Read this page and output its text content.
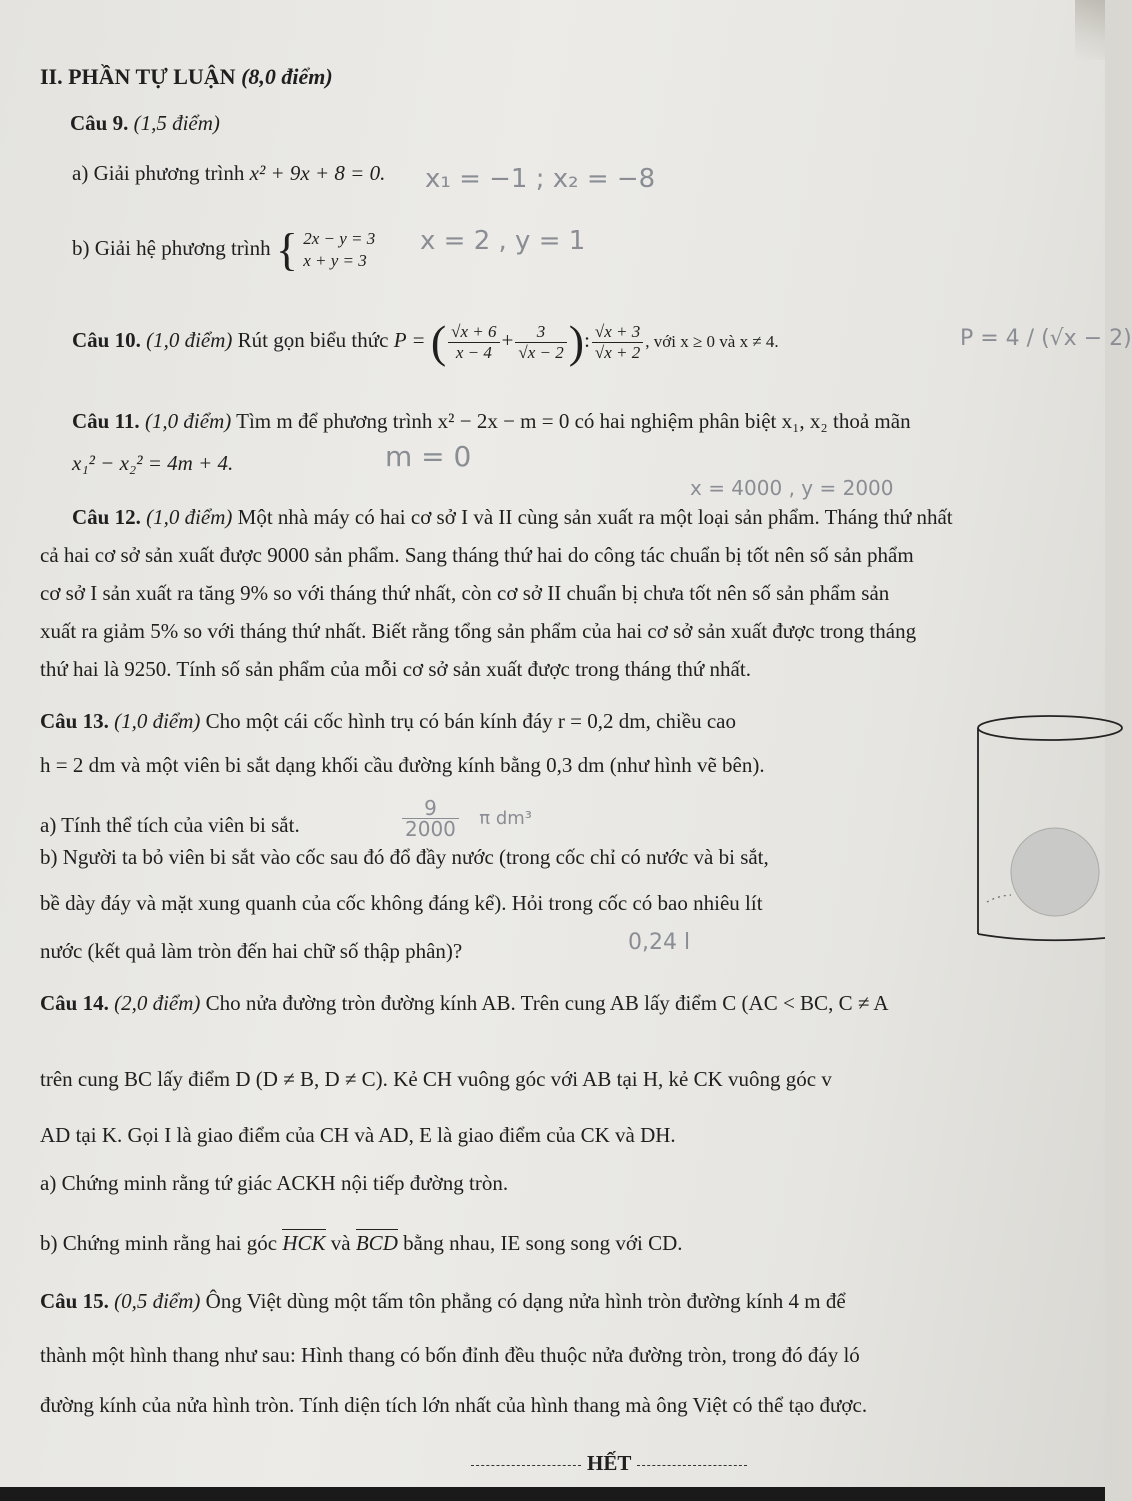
II. PHẦN TỰ LUẬN (8,0 điểm)
Câu 9. (1,5 điểm)
a) Giải phương trình x² + 9x + 8 = 0. x₁ = −1 ; x₂ = −8
b) Giải hệ phương trình { 2x − y = 3
x + y = 3
x = 2 , y = 1
Câu 10. (1,0 điểm) Rút gọn biểu thức P = ( $\frac{√x + 6}{x - 4} + \frac{3}{√x - 2}$ ): $\frac{√x + 3}{√x + 2}$ , với x ≥ 0 và x ≠ 4.	P = 4 / (√x − 2)
Câu 11. (1,0 điểm) Tìm m để phương trình x² − 2x − m = 0 có hai nghiệm phân biệt x₁, x₂ thoả mãn
x₁² − x₂² = 4m + 4.	m = 0
x = 4000 , y = 2000
Câu 12. (1,0 điểm) Một nhà máy có hai cơ sở I và II cùng sản xuất ra một loại sản phẩm. Tháng thứ nhất
cả hai cơ sở sản xuất được 9000 sản phẩm. Sang tháng thứ hai do công tác chuẩn bị tốt nên số sản phẩm
cơ sở I sản xuất ra tăng 9% so với tháng thứ nhất, còn cơ sở II chuẩn bị chưa tốt nên số sản phẩm sản
xuất ra giảm 5% so với tháng thứ nhất. Biết rằng tổng sản phẩm của hai cơ sở sản xuất được trong tháng
thứ hai là 9250. Tính số sản phẩm của mỗi cơ sở sản xuất được trong tháng thứ nhất.
Câu 13. (1,0 điểm) Cho một cái cốc hình trụ có bán kính đáy r = 0,2 dm, chiều cao
h = 2 dm và một viên bi sắt dạng khối cầu đường kính bằng 0,3 dm (như hình vẽ bên).
a) Tính thể tích của viên bi sắt.	$\frac{9}{2000}$ π dm³
b) Người ta bỏ viên bi sắt vào cốc sau đó đổ đầy nước (trong cốc chỉ có nước và bi sắt,
bề dày đáy và mặt xung quanh của cốc không đáng kể). Hỏi trong cốc có bao nhiêu lít
nước (kết quả làm tròn đến hai chữ số thập phân)?	0,24 l
Câu 14. (2,0 điểm) Cho nửa đường tròn đường kính AB. Trên cung AB lấy điểm C (AC < BC, C ≠ A
trên cung BC lấy điểm D (D ≠ B, D ≠ C). Kẻ CH vuông góc với AB tại H, kẻ CK vuông góc v
AD tại K. Gọi I là giao điểm của CH và AD, E là giao điểm của CK và DH.
a) Chứng minh rằng tứ giác ACKH nội tiếp đường tròn.
b) Chứng minh rằng hai góc HCK và BCD bằng nhau, IE song song với CD.
Câu 15. (0,5 điểm) Ông Việt dùng một tấm tôn phẳng có dạng nửa hình tròn đường kính 4 m để
thành một hình thang như sau: Hình thang có bốn đỉnh đều thuộc nửa đường tròn, trong đó đáy ló
đường kính của nửa hình tròn. Tính diện tích lớn nhất của hình thang mà ông Việt có thể tạo được.
HẾT
